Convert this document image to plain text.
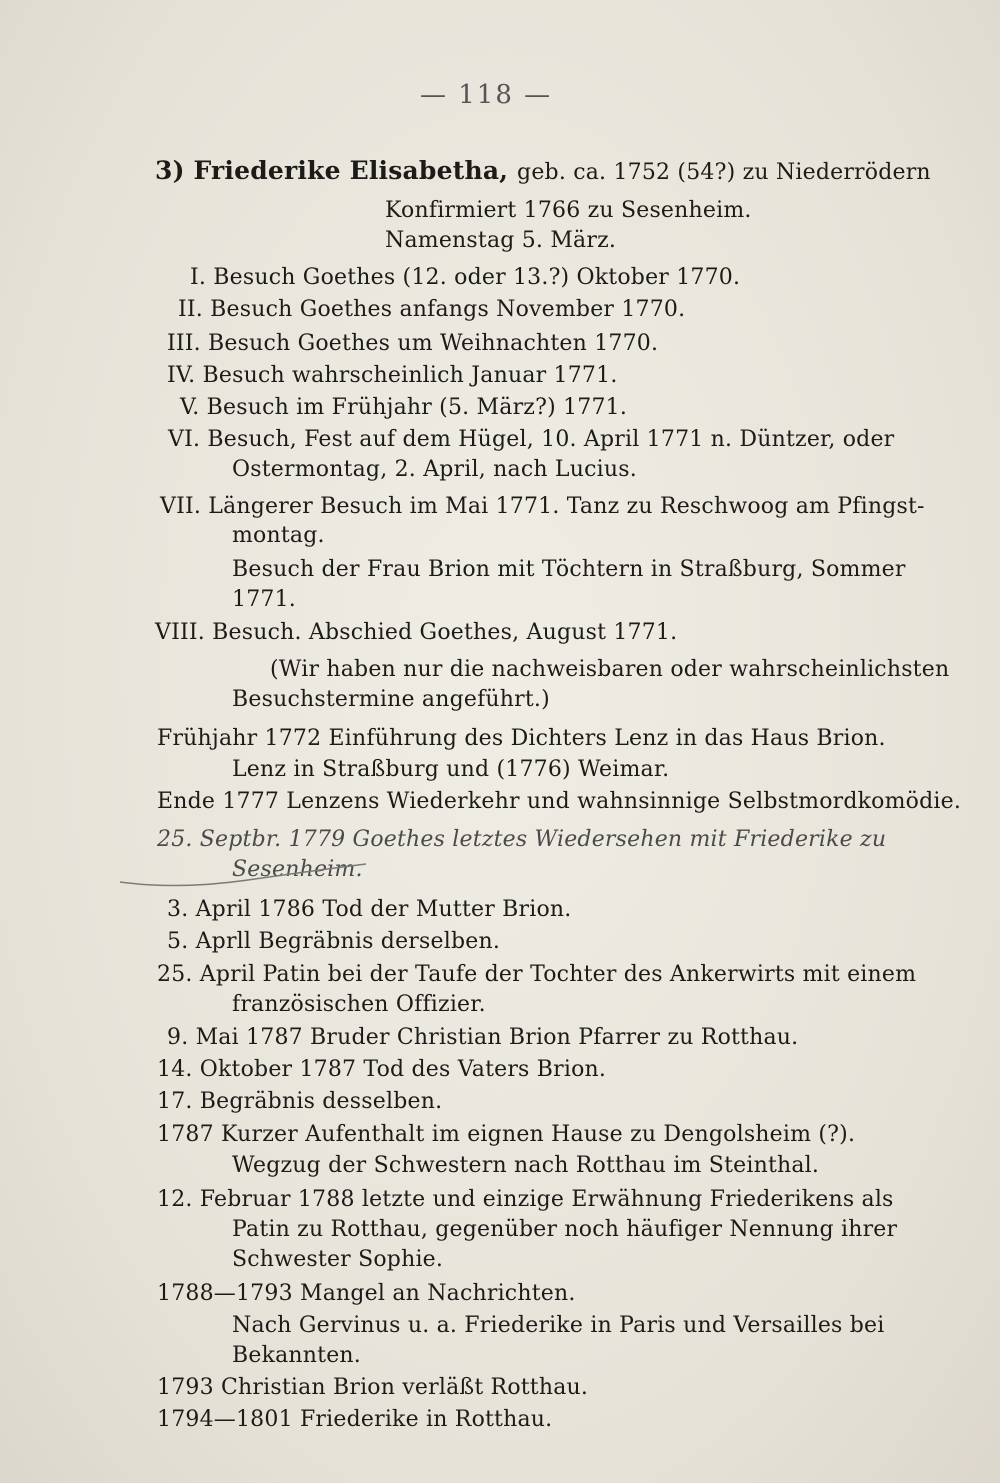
— 118 —

3) Friederike Elisabetha, geb. ca. 1752 (54?) zu Niederrödern

Konfirmiert 1766 zu Sesenheim.

Namenstag 5. März.

I. Besuch Goethes (12. oder 13.?) Oktober 1770.

II. Besuch Goethes anfangs November 1770.

III. Besuch Goethes um Weihnachten 1770.

IV. Besuch wahrscheinlich Januar 1771.

V. Besuch im Frühjahr (5. März?) 1771.

VI. Besuch, Fest auf dem Hügel, 10. April 1771 n. Düntzer, oder

Ostermontag, 2. April, nach Lucius.

VII. Längerer Besuch im Mai 1771. Tanz zu Reschwoog am Pfingst-

montag.

Besuch der Frau Brion mit Töchtern in Straßburg, Sommer

1771.

VIII. Besuch. Abschied Goethes, August 1771.

(Wir haben nur die nachweisbaren oder wahrscheinlichsten

Besuchstermine angeführt.)

Frühjahr 1772 Einführung des Dichters Lenz in das Haus Brion.

Lenz in Straßburg und (1776) Weimar.

Ende 1777 Lenzens Wiederkehr und wahnsinnige Selbstmordkomödie.

25. Septbr. 1779 Goethes letztes Wiedersehen mit Friederike zu

Sesenheim.

3. April 1786 Tod der Mutter Brion.

5. Aprll Begräbnis derselben.

25. April Patin bei der Taufe der Tochter des Ankerwirts mit einem

französischen Offizier.

9. Mai 1787 Bruder Christian Brion Pfarrer zu Rotthau.

14. Oktober 1787 Tod des Vaters Brion.

17. Begräbnis desselben.

1787 Kurzer Aufenthalt im eignen Hause zu Dengolsheim (?).

Wegzug der Schwestern nach Rotthau im Steinthal.

12. Februar 1788 letzte und einzige Erwähnung Friederikens als

Patin zu Rotthau, gegenüber noch häufiger Nennung ihrer

Schwester Sophie.

1788—1793 Mangel an Nachrichten.

Nach Gervinus u. a. Friederike in Paris und Versailles bei

Bekannten.

1793 Christian Brion verläßt Rotthau.

1794—1801 Friederike in Rotthau.
